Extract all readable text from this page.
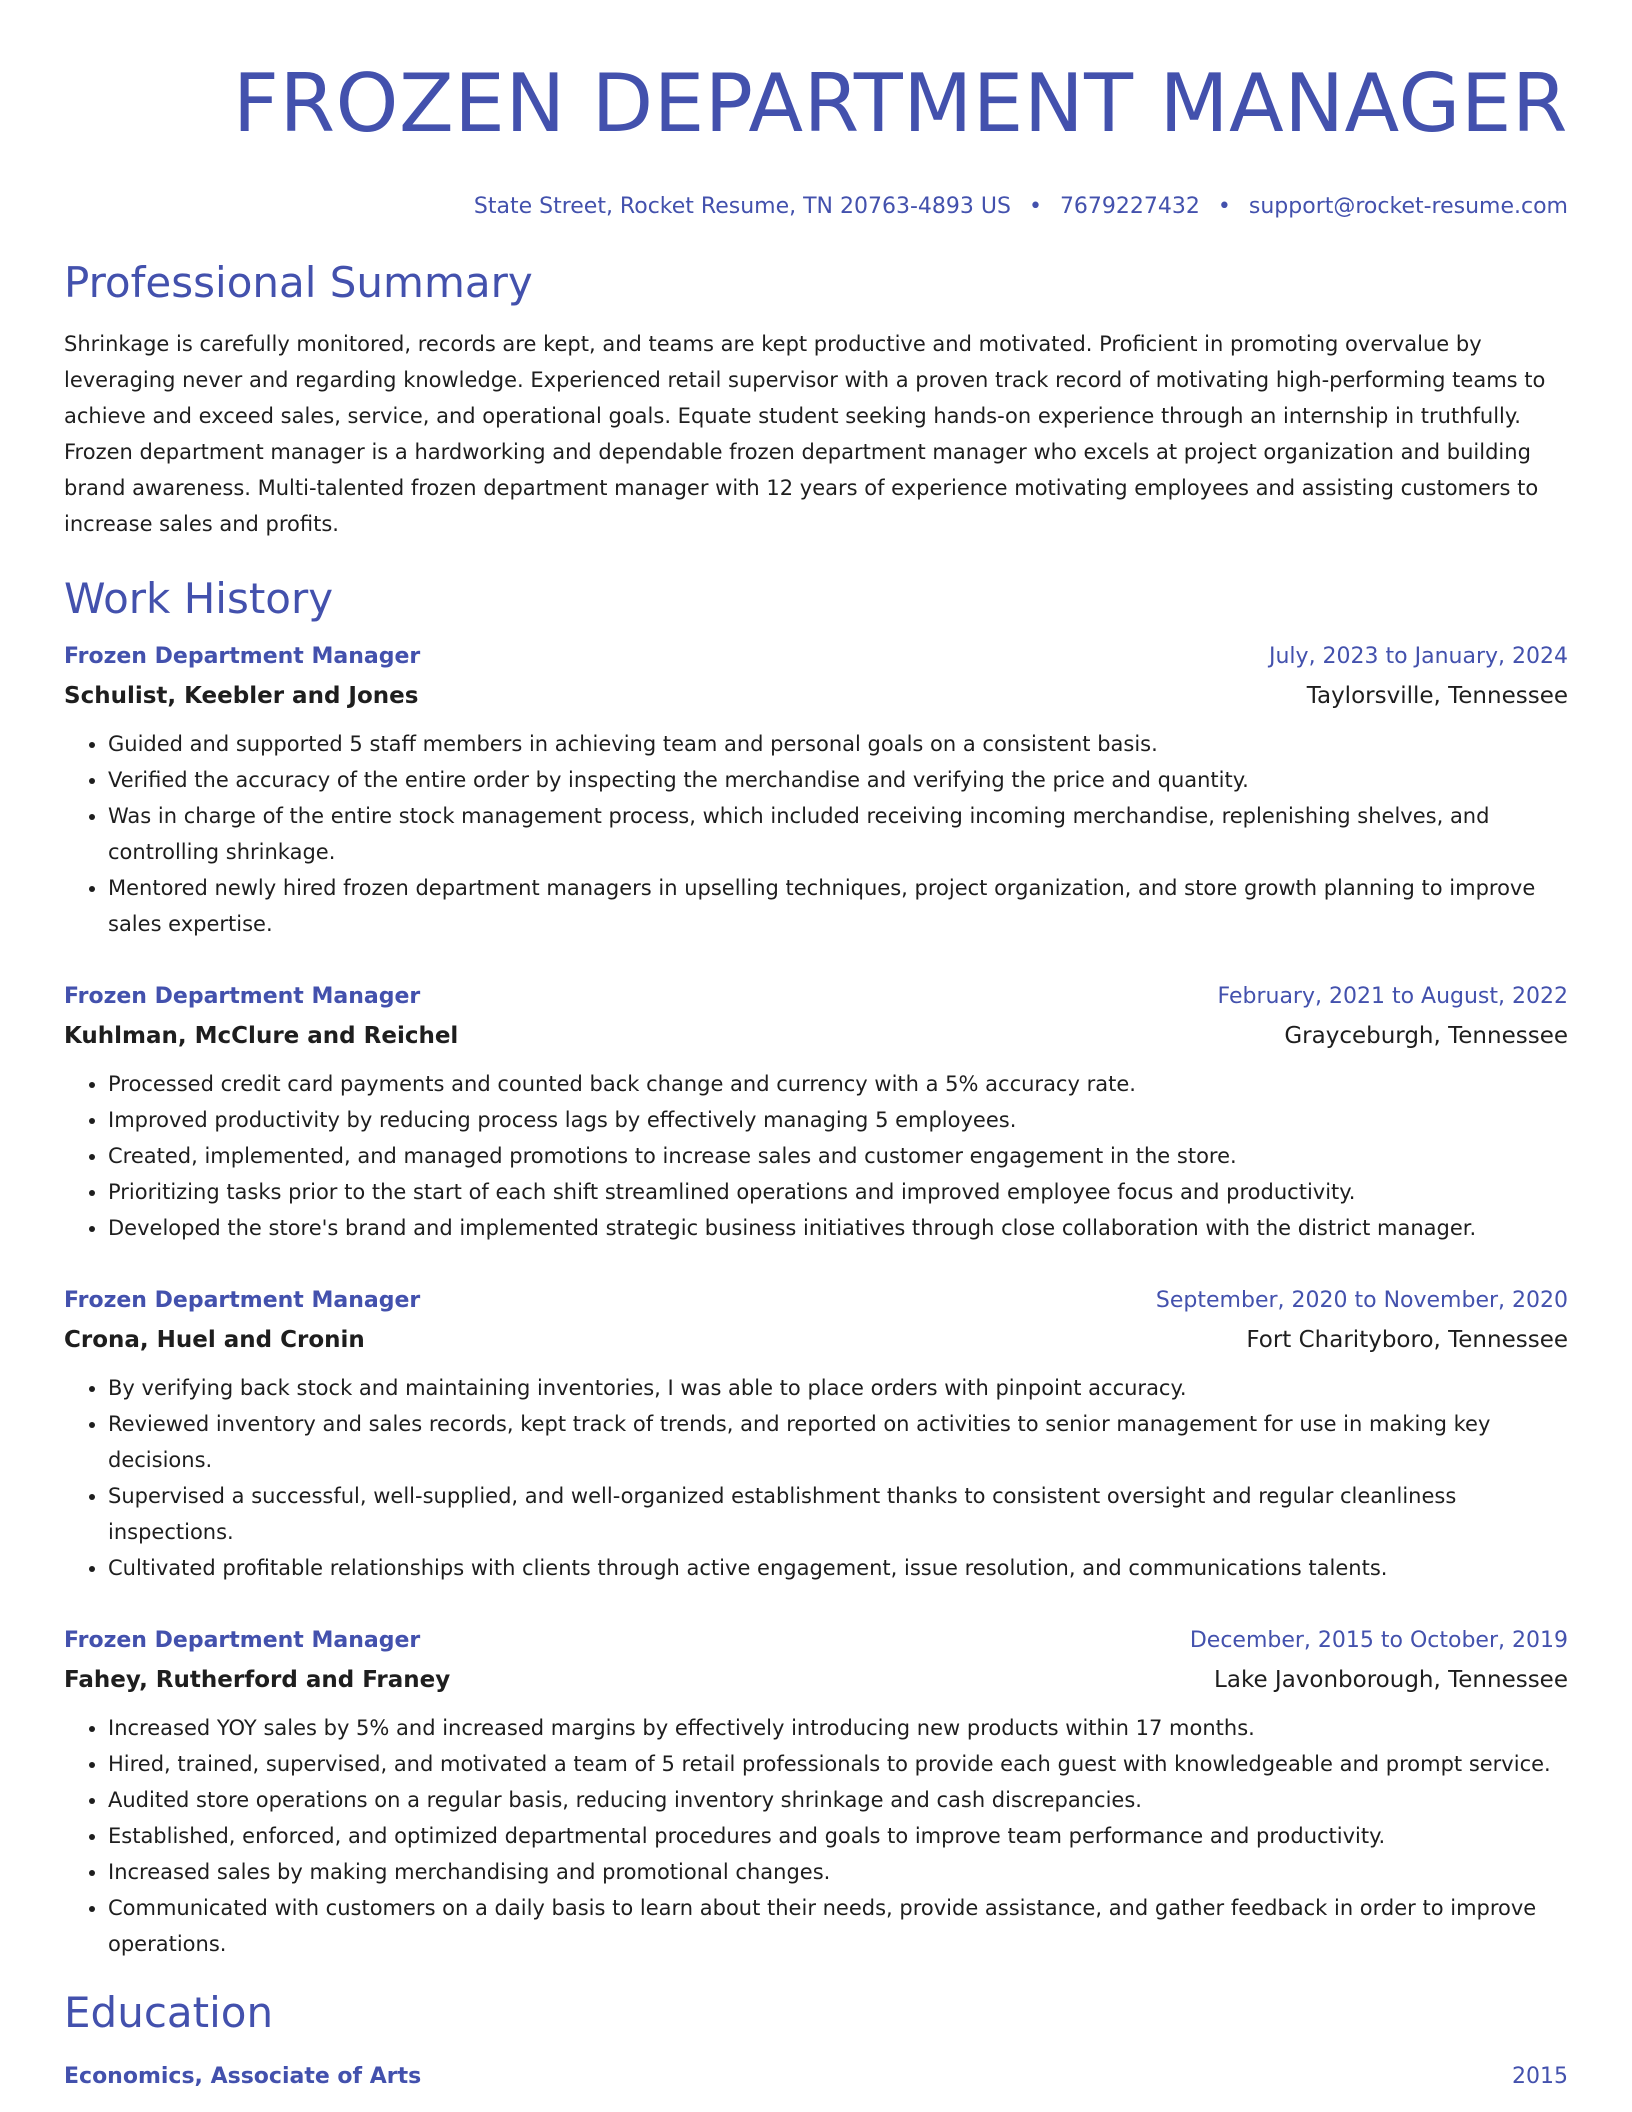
FROZEN DEPARTMENT MANAGER
State Street, Rocket Resume, TN 20763-4893 US • 7679227432 • support@rocket-resume.com
Professional Summary
Shrinkage is carefully monitored, records are kept, and teams are kept productive and motivated. Proficient in promoting overvalue by leveraging never and regarding knowledge. Experienced retail supervisor with a proven track record of motivating high-performing teams to achieve and exceed sales, service, and operational goals. Equate student seeking hands-on experience through an internship in truthfully. Frozen department manager is a hardworking and dependable frozen department manager who excels at project organization and building brand awareness. Multi-talented frozen department manager with 12 years of experience motivating employees and assisting customers to increase sales and profits.
Work History
Frozen Department Manager	July, 2023 to January, 2024
Schulist, Keebler and Jones	Taylorsville, Tennessee
• Guided and supported 5 staff members in achieving team and personal goals on a consistent basis.
• Verified the accuracy of the entire order by inspecting the merchandise and verifying the price and quantity.
• Was in charge of the entire stock management process, which included receiving incoming merchandise, replenishing shelves, and controlling shrinkage.
• Mentored newly hired frozen department managers in upselling techniques, project organization, and store growth planning to improve sales expertise.
Frozen Department Manager	February, 2021 to August, 2022
Kuhlman, McClure and Reichel	Grayceburgh, Tennessee
• Processed credit card payments and counted back change and currency with a 5% accuracy rate.
• Improved productivity by reducing process lags by effectively managing 5 employees.
• Created, implemented, and managed promotions to increase sales and customer engagement in the store.
• Prioritizing tasks prior to the start of each shift streamlined operations and improved employee focus and productivity.
• Developed the store's brand and implemented strategic business initiatives through close collaboration with the district manager.
Frozen Department Manager	September, 2020 to November, 2020
Crona, Huel and Cronin	Fort Charityboro, Tennessee
• By verifying back stock and maintaining inventories, I was able to place orders with pinpoint accuracy.
• Reviewed inventory and sales records, kept track of trends, and reported on activities to senior management for use in making key decisions.
• Supervised a successful, well-supplied, and well-organized establishment thanks to consistent oversight and regular cleanliness inspections.
• Cultivated profitable relationships with clients through active engagement, issue resolution, and communications talents.
Frozen Department Manager	December, 2015 to October, 2019
Fahey, Rutherford and Franey	Lake Javonborough, Tennessee
• Increased YOY sales by 5% and increased margins by effectively introducing new products within 17 months.
• Hired, trained, supervised, and motivated a team of 5 retail professionals to provide each guest with knowledgeable and prompt service.
• Audited store operations on a regular basis, reducing inventory shrinkage and cash discrepancies.
• Established, enforced, and optimized departmental procedures and goals to improve team performance and productivity.
• Increased sales by making merchandising and promotional changes.
• Communicated with customers on a daily basis to learn about their needs, provide assistance, and gather feedback in order to improve operations.
Education
Economics, Associate of Arts	2015
